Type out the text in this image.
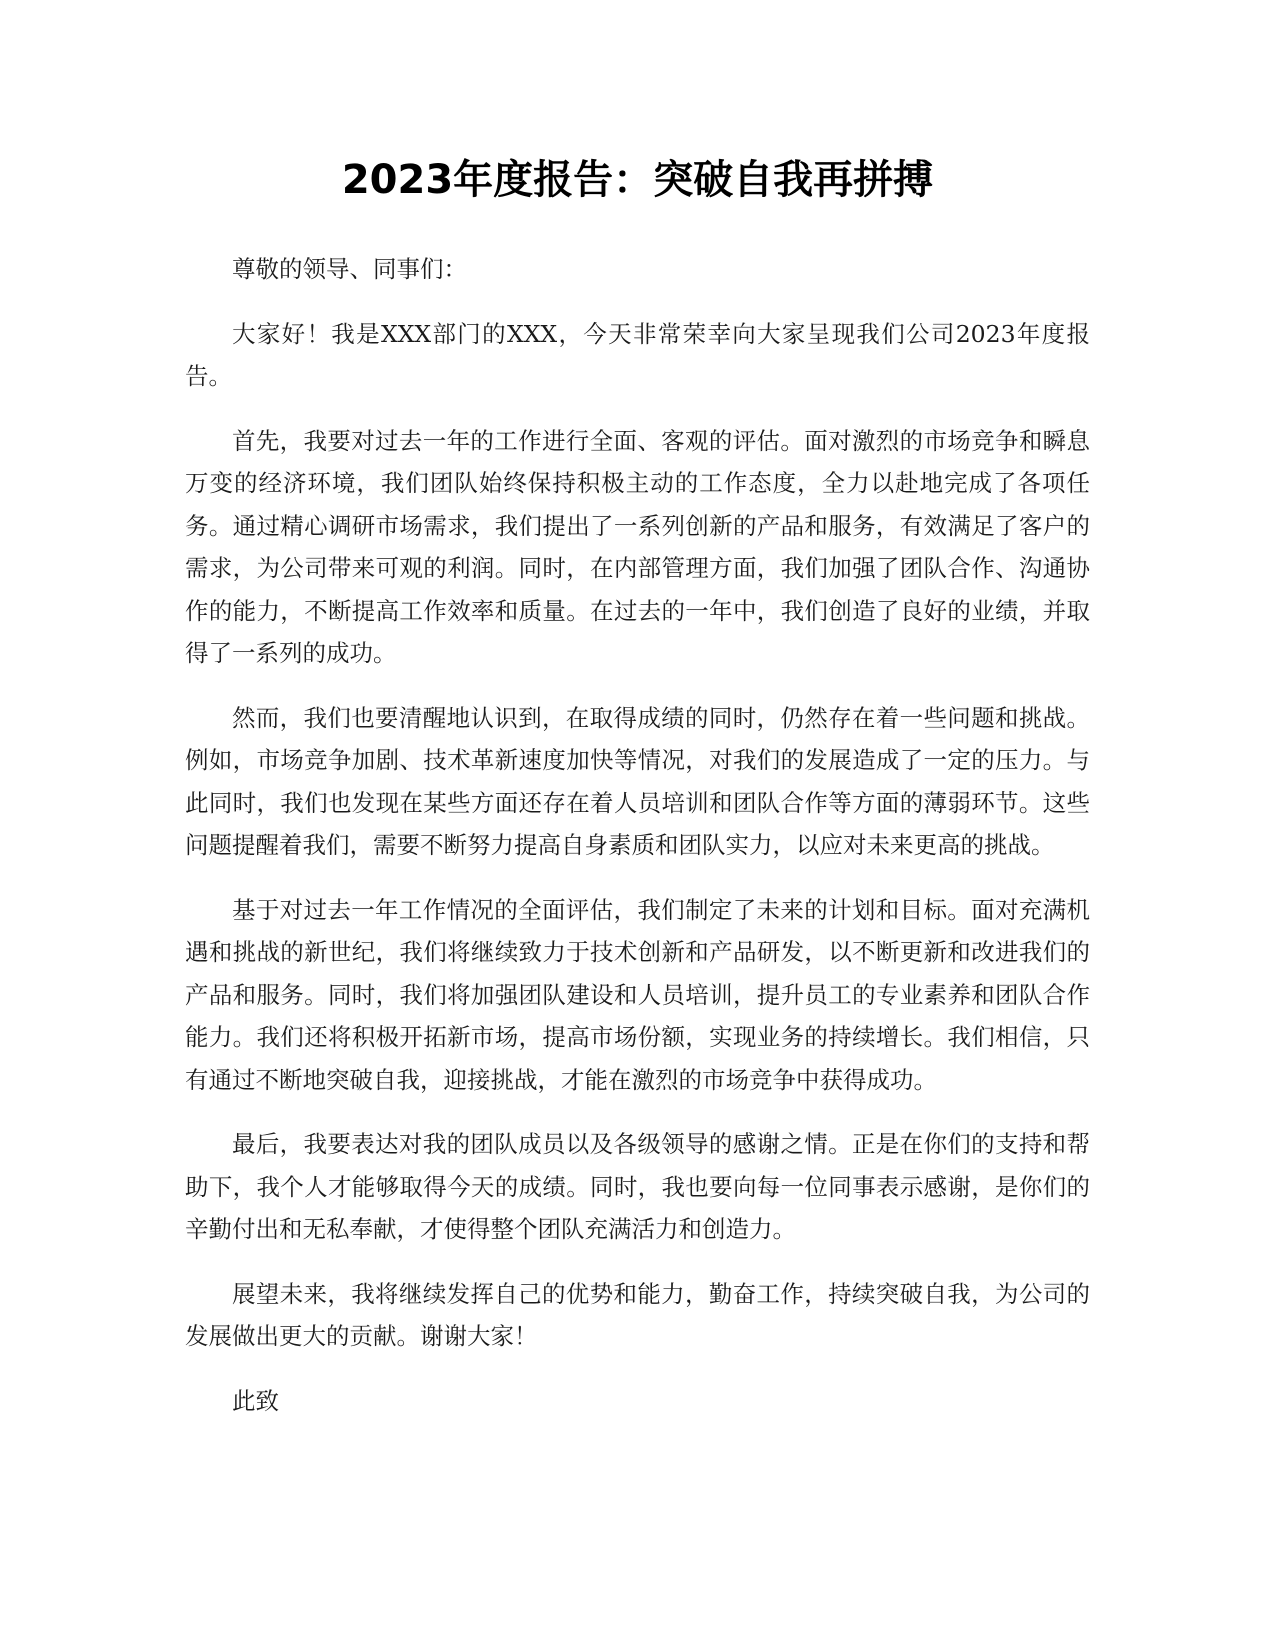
2023年度报告：突破自我再拼搏

尊敬的领导、同事们：

大家好！我是XXX部门的XXX，今天非常荣幸向大家呈现我们公司2023年度报告。

首先，我要对过去一年的工作进行全面、客观的评估。面对激烈的市场竞争和瞬息万变的经济环境，我们团队始终保持积极主动的工作态度，全力以赴地完成了各项任务。通过精心调研市场需求，我们提出了一系列创新的产品和服务，有效满足了客户的需求，为公司带来可观的利润。同时，在内部管理方面，我们加强了团队合作、沟通协作的能力，不断提高工作效率和质量。在过去的一年中，我们创造了良好的业绩，并取得了一系列的成功。

然而，我们也要清醒地认识到，在取得成绩的同时，仍然存在着一些问题和挑战。例如，市场竞争加剧、技术革新速度加快等情况，对我们的发展造成了一定的压力。与此同时，我们也发现在某些方面还存在着人员培训和团队合作等方面的薄弱环节。这些问题提醒着我们，需要不断努力提高自身素质和团队实力，以应对未来更高的挑战。

基于对过去一年工作情况的全面评估，我们制定了未来的计划和目标。面对充满机遇和挑战的新世纪，我们将继续致力于技术创新和产品研发，以不断更新和改进我们的产品和服务。同时，我们将加强团队建设和人员培训，提升员工的专业素养和团队合作能力。我们还将积极开拓新市场，提高市场份额，实现业务的持续增长。我们相信，只有通过不断地突破自我，迎接挑战，才能在激烈的市场竞争中获得成功。

最后，我要表达对我的团队成员以及各级领导的感谢之情。正是在你们的支持和帮助下，我个人才能够取得今天的成绩。同时，我也要向每一位同事表示感谢，是你们的辛勤付出和无私奉献，才使得整个团队充满活力和创造力。

展望未来，我将继续发挥自己的优势和能力，勤奋工作，持续突破自我，为公司的发展做出更大的贡献。谢谢大家！

此致
